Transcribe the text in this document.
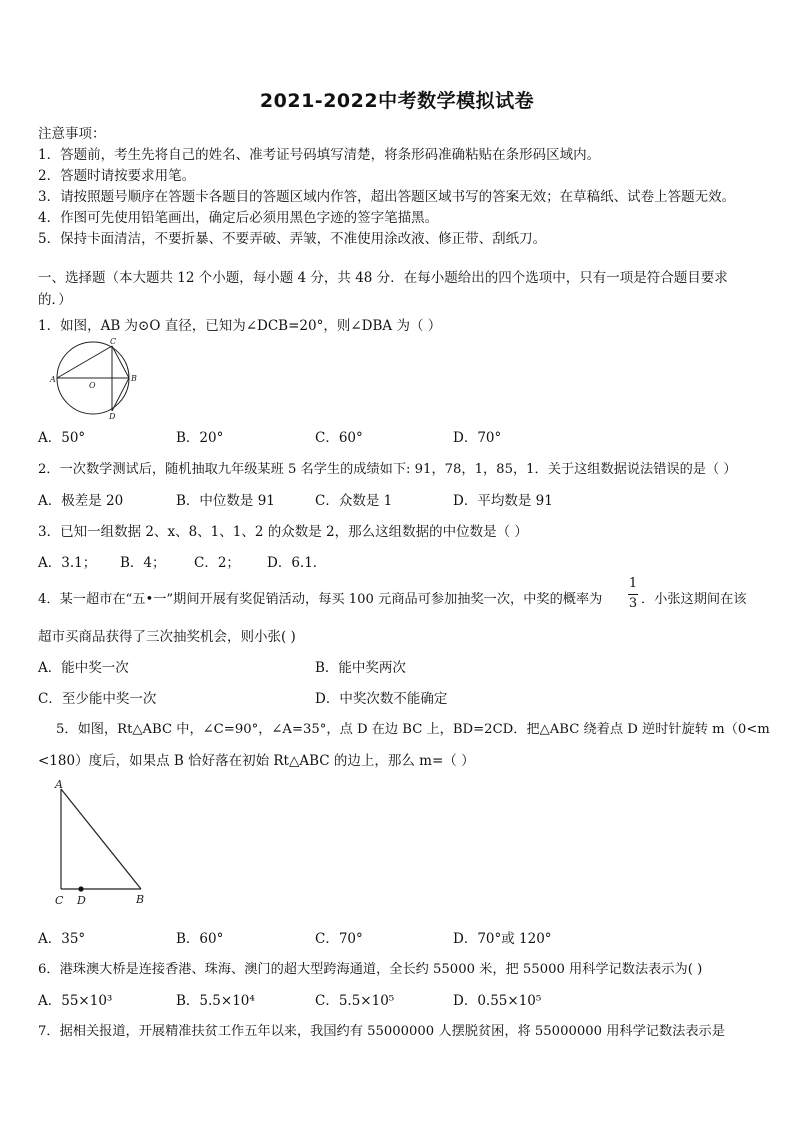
2021-2022中考数学模拟试卷
注意事项：
1．答题前，考生先将自己的姓名、准考证号码填写清楚，将条形码准确粘贴在条形码区域内。
2．答题时请按要求用笔。
3．请按照题号顺序在答题卡各题目的答题区域内作答，超出答题区域书写的答案无效；在草稿纸、试卷上答题无效。
4．作图可先使用铅笔画出，确定后必须用黑色字迹的签字笔描黑。
5．保持卡面清洁，不要折暴、不要弄破、弄皱，不准使用涂改液、修正带、刮纸刀。
一、选择题（本大题共 12 个小题，每小题 4 分，共 48 分．在每小题给出的四个选项中，只有一项是符合题目要求
的．）
1．如图，AB 为⊙O 直径，已知为∠DCB=20°，则∠DBA 为（ ）
A
O
B
C
D
A．50°	B．20°	C．60°	D．70°
2．一次数学测试后，随机抽取九年级某班 5 名学生的成绩如下: 91，78，1，85，1．关于这组数据说法错误的是（ ）
A．极差是 20	B．中位数是 91	C．众数是 1	D．平均数是 91
3．已知一组数据 2、x、8、1、1、2 的众数是 2，那么这组数据的中位数是（ ）
A．3.1； B．4； C．2； D．6.1．
4．某一超市在“五•一”期间开展有奖促销活动，每买 100 元商品可参加抽奖一次，中奖的概率为
1
3 ．小张这期间在该
超市买商品获得了三次抽奖机会，则小张( )
A．能中奖一次	B．能中奖两次
C．至少能中奖一次	D．中奖次数不能确定
5．如图，Rt△ABC 中，∠C=90°，∠A=35°，点 D 在边 BC 上，BD=2CD．把△ABC 绕着点 D 逆时针旋转 m（0<m
<180）度后，如果点 B 恰好落在初始 Rt△ABC 的边上，那么 m=（ ）
A
C D	B
A．35°	B．60°	C．70°	D．70°或 120°
6．港珠澳大桥是连接香港、珠海、澳门的超大型跨海通道，全长约 55000 米，把 55000 用科学记数法表示为( )
A．55×10³	B．5.5×10⁴	C．5.5×10⁵	D．0.55×10⁵
7．据相关报道，开展精准扶贫工作五年以来，我国约有 55000000 人摆脱贫困，将 55000000 用科学记数法表示是
